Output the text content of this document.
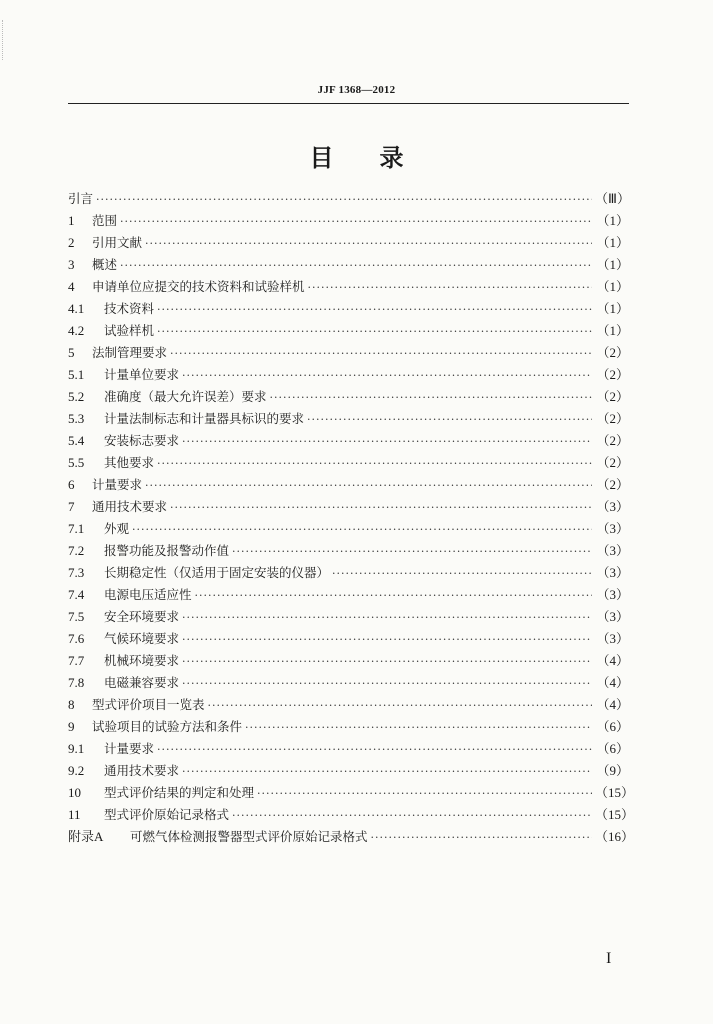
JJF 1368—2012
目录
引言 ·····	（Ⅲ）
1	范围 ·····	（1）
2	引用文献 ·····	（1）
3	概述 ·····	（1）
4	申请单位应提交的技术资料和试验样机 ·····	（1）
4.1	技术资料 ·····	（1）
4.2	试验样机 ·····	（1）
5	法制管理要求 ·····	（2）
5.1	计量单位要求 ·····	（2）
5.2	准确度（最大允许误差）要求 ·····	（2）
5.3	计量法制标志和计量器具标识的要求 ·····	（2）
5.4	安装标志要求 ·····	（2）
5.5	其他要求 ·····	（2）
6	计量要求 ·····	（2）
7	通用技术要求 ·····	（3）
7.1	外观 ·····	（3）
7.2	报警功能及报警动作值 ·····	（3）
7.3	长期稳定性（仅适用于固定安装的仪器） ·····	（3）
7.4	电源电压适应性 ·····	（3）
7.5	安全环境要求 ·····	（3）
7.6	气候环境要求 ·····	（3）
7.7	机械环境要求 ·····	（4）
7.8	电磁兼容要求 ·····	（4）
8	型式评价项目一览表 ·····	（4）
9	试验项目的试验方法和条件 ·····	（6）
9.1	计量要求 ·····	（6）
9.2	通用技术要求 ·····	（9）
10	型式评价结果的判定和处理 ·····	（15）
11	型式评价原始记录格式 ·····	（15）
附录A	可燃气体检测报警器型式评价原始记录格式 ·····	（16）
I
